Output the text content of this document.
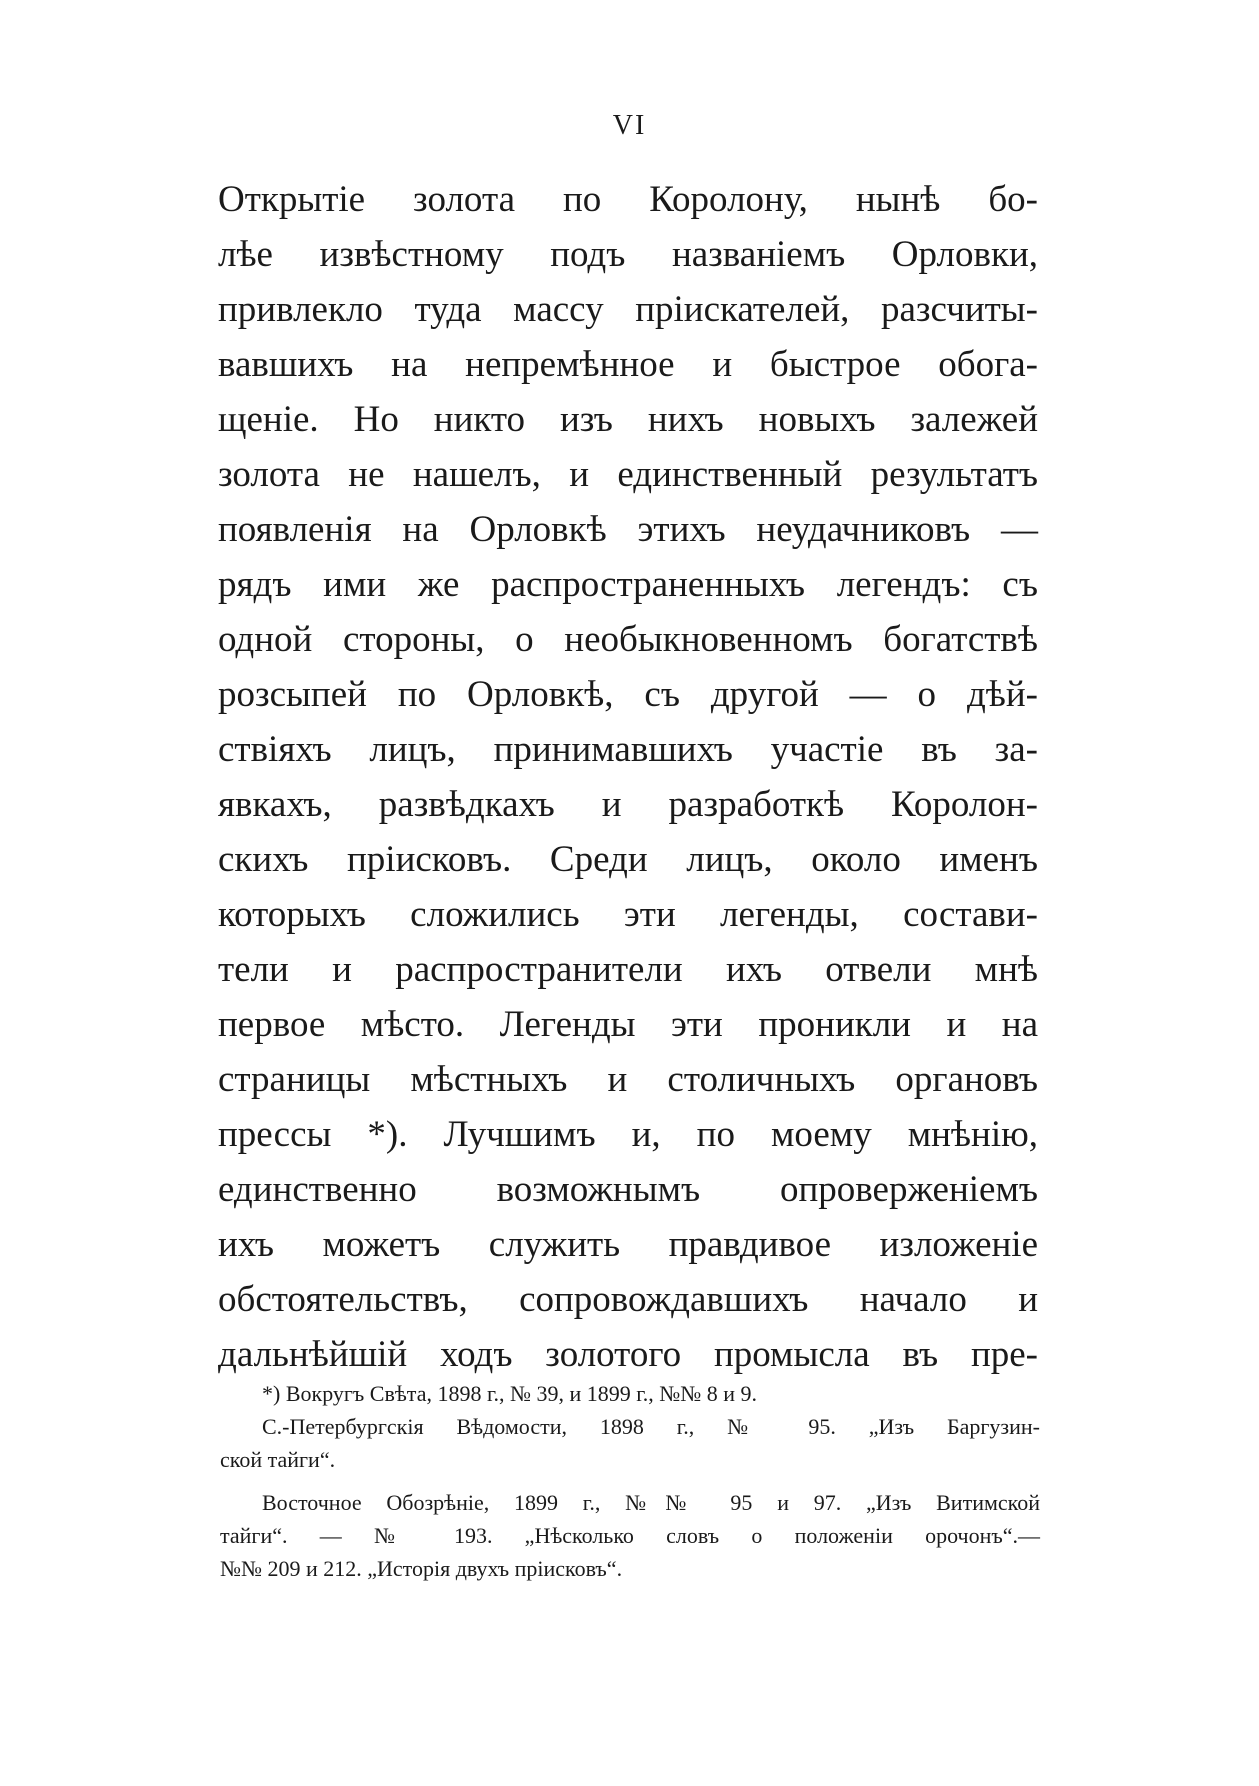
VI

Открытіе золота по Королону, нынѣ бо-
лѣе извѣстному подъ названіемъ Орловки,
привлекло туда массу пріискателей, разсчиты-
вавшихъ на непремѣнное и быстрое обога-
щеніе. Но никто изъ нихъ новыхъ залежей
золота не нашелъ, и единственный результатъ
появленія на Орловкѣ этихъ неудачниковъ —
рядъ ими же распространенныхъ легендъ: съ
одной стороны, о необыкновенномъ богатствѣ
розсыпей по Орловкѣ, съ другой — о дѣй-
ствіяхъ лицъ, принимавшихъ участіе въ за-
явкахъ, развѣдкахъ и разработкѣ Королон-
скихъ пріисковъ. Среди лицъ, около именъ
которыхъ сложились эти легенды, состави-
тели и распространители ихъ отвели мнѣ
первое мѣсто. Легенды эти проникли и на
страницы мѣстныхъ и столичныхъ органовъ
прессы *). Лучшимъ и, по моему мнѣнію,
единственно возможнымъ опроверженіемъ
ихъ можетъ служить правдивое изложеніе
обстоятельствъ, сопровождавшихъ начало и
дальнѣйшій ходъ золотого промысла въ пре-
*) Вокругъ Свѣта, 1898 г., № 39, и 1899 г., №№ 8 и 9.
С.-Петербургскія Вѣдомости, 1898 г., № 95. „Изъ Баргузин-
ской тайги“.
Восточное Обозрѣніе, 1899 г., №№ 95 и 97. „Изъ Витимской
тайги“. — № 193. „Нѣсколько словъ о положеніи орочонъ“.—
№№ 209 и 212. „Исторія двухъ пріисковъ“.
